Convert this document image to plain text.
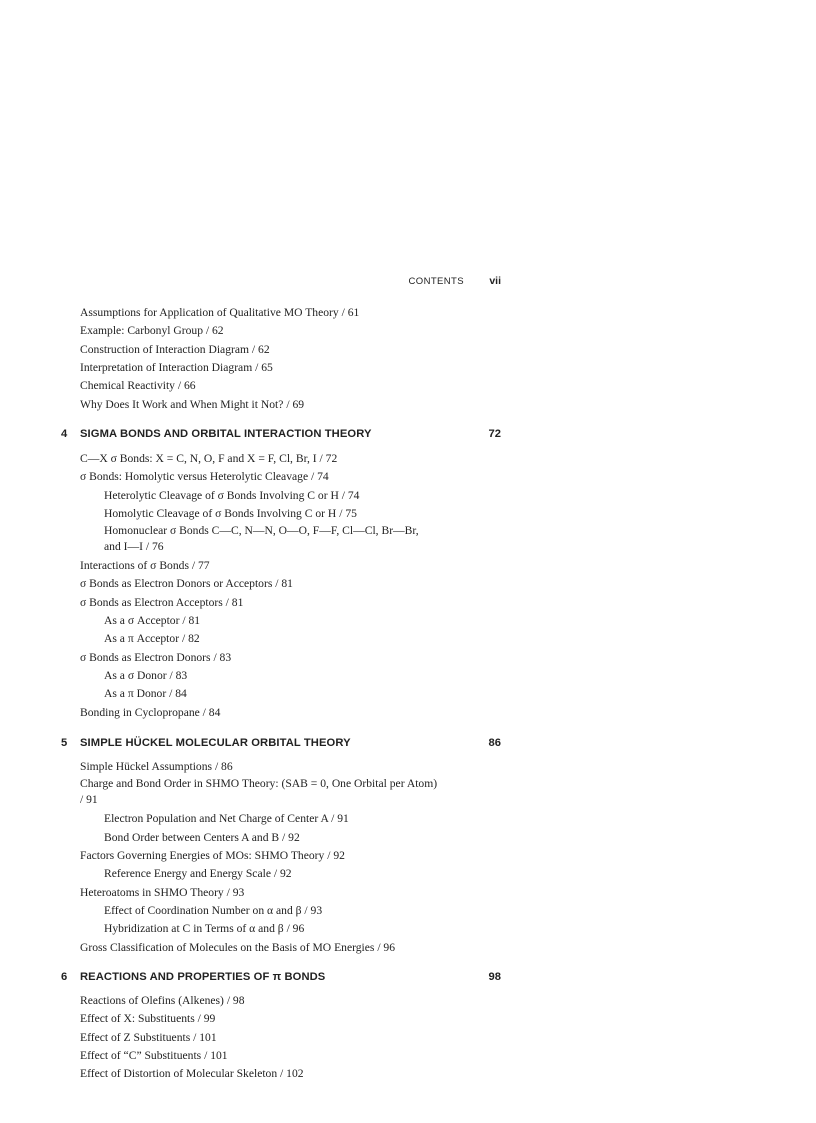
CONTENTS vii
Assumptions for Application of Qualitative MO Theory / 61
Example: Carbonyl Group / 62
Construction of Interaction Diagram / 62
Interpretation of Interaction Diagram / 65
Chemical Reactivity / 66
Why Does It Work and When Might it Not? / 69
4 SIGMA BONDS AND ORBITAL INTERACTION THEORY	72
C—X σ Bonds: X = C, N, O, F and X = F, Cl, Br, I / 72
σ Bonds: Homolytic versus Heterolytic Cleavage / 74
Heterolytic Cleavage of σ Bonds Involving C or H / 74
Homolytic Cleavage of σ Bonds Involving C or H / 75
Homonuclear σ Bonds C—C, N—N, O—O, F—F, Cl—Cl, Br—Br, and I—I / 76
Interactions of σ Bonds / 77
σ Bonds as Electron Donors or Acceptors / 81
σ Bonds as Electron Acceptors / 81
As a σ Acceptor / 81
As a π Acceptor / 82
σ Bonds as Electron Donors / 83
As a σ Donor / 83
As a π Donor / 84
Bonding in Cyclopropane / 84
5 SIMPLE HÜCKEL MOLECULAR ORBITAL THEORY	86
Simple Hückel Assumptions / 86
Charge and Bond Order in SHMO Theory: (SAB = 0, One Orbital per Atom) / 91
Electron Population and Net Charge of Center A / 91
Bond Order between Centers A and B / 92
Factors Governing Energies of MOs: SHMO Theory / 92
Reference Energy and Energy Scale / 92
Heteroatoms in SHMO Theory / 93
Effect of Coordination Number on α and β / 93
Hybridization at C in Terms of α and β / 96
Gross Classification of Molecules on the Basis of MO Energies / 96
6 REACTIONS AND PROPERTIES OF π BONDS	98
Reactions of Olefins (Alkenes) / 98
Effect of X: Substituents / 99
Effect of Z Substituents / 101
Effect of “C” Substituents / 101
Effect of Distortion of Molecular Skeleton / 102
